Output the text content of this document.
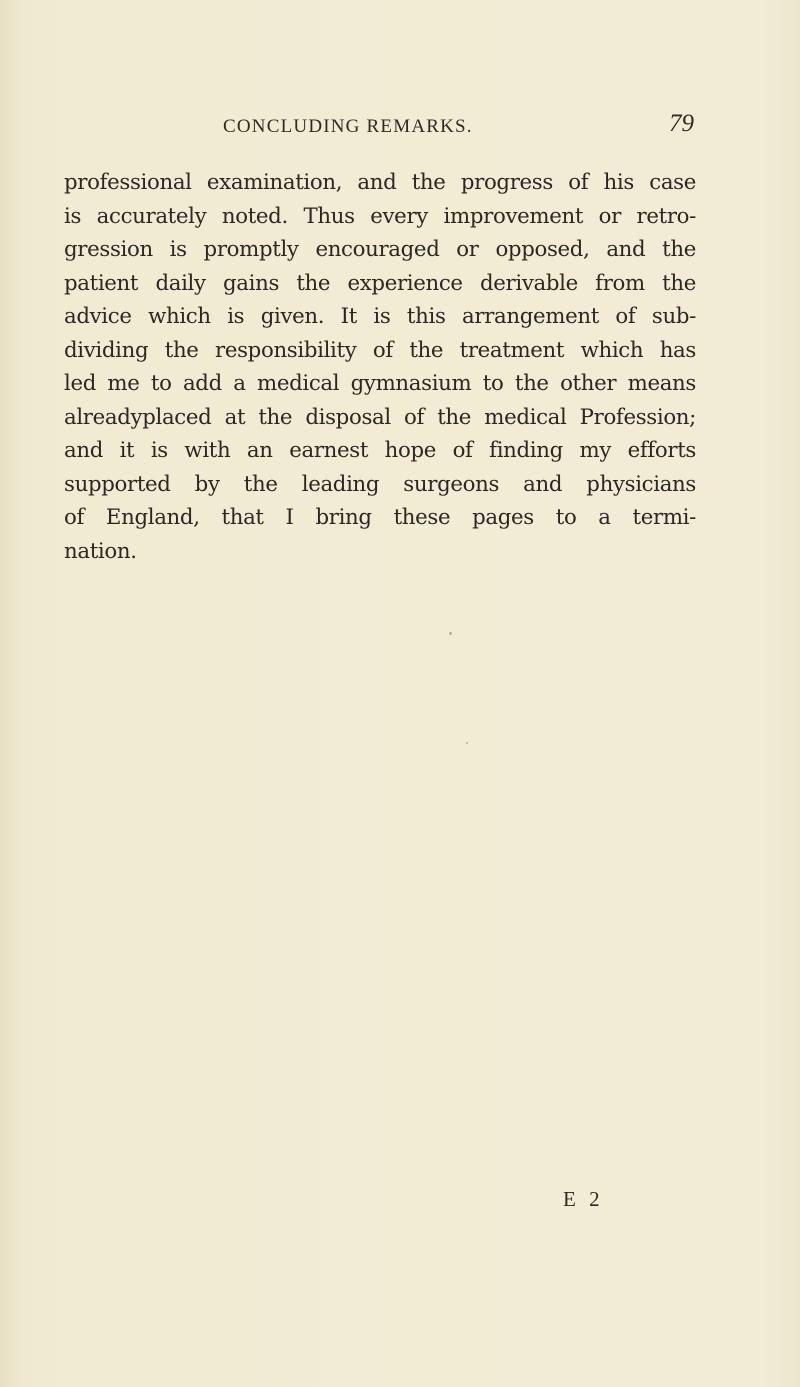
CONCLUDING REMARKS.	79
professional examination, and the progress of his case
is accurately noted. Thus every improvement or retro-
gression is promptly encouraged or opposed, and the
patient daily gains the experience derivable from the
advice which is given. It is this arrangement of sub-
dividing the responsibility of the treatment which has
led me to add a medical gymnasium to the other means
alreadyplaced at the disposal of the medical Profession;
and it is with an earnest hope of finding my efforts
supported by the leading surgeons and physicians
of England, that I bring these pages to a termi-
nation.
E 2
